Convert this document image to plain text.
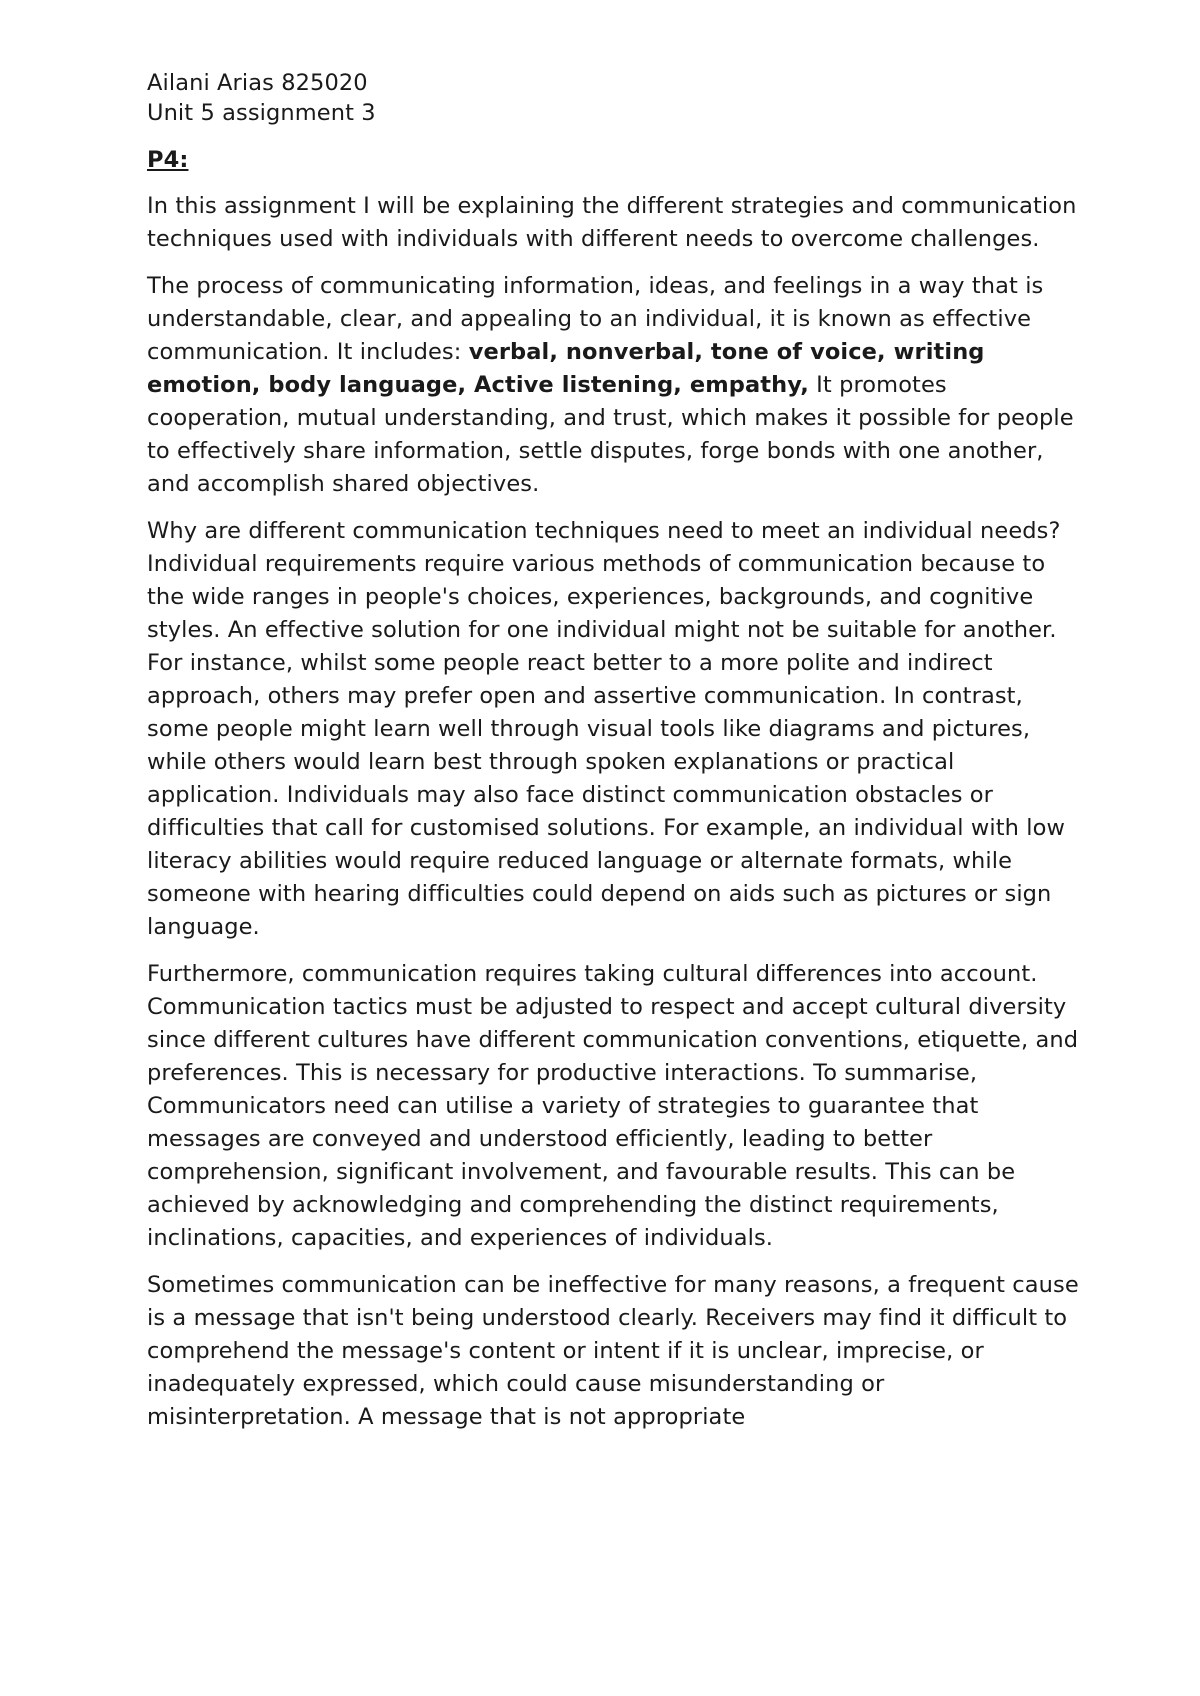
Ailani Arias 825020

Unit 5 assignment 3

P4:

In this assignment I will be explaining the different strategies and communication techniques used with individuals with different needs to overcome challenges.

The process of communicating information, ideas, and feelings in a way that is understandable, clear, and appealing to an individual, it is known as effective communication. It includes: verbal, nonverbal, tone of voice, writing emotion, body language, Active listening, empathy, It promotes cooperation, mutual understanding, and trust, which makes it possible for people to effectively share information, settle disputes, forge bonds with one another, and accomplish shared objectives.

Why are different communication techniques need to meet an individual needs? Individual requirements require various methods of communication because to the wide ranges in people's choices, experiences, backgrounds, and cognitive styles. An effective solution for one individual might not be suitable for another. For instance, whilst some people react better to a more polite and indirect approach, others may prefer open and assertive communication. In contrast, some people might learn well through visual tools like diagrams and pictures, while others would learn best through spoken explanations or practical application. Individuals may also face distinct communication obstacles or difficulties that call for customised solutions. For example, an individual with low literacy abilities would require reduced language or alternate formats, while someone with hearing difficulties could depend on aids such as pictures or sign language.

Furthermore, communication requires taking cultural differences into account. Communication tactics must be adjusted to respect and accept cultural diversity since different cultures have different communication conventions, etiquette, and preferences. This is necessary for productive interactions. To summarise, Communicators need can utilise a variety of strategies to guarantee that messages are conveyed and understood efficiently, leading to better comprehension, significant involvement, and favourable results. This can be achieved by acknowledging and comprehending the distinct requirements, inclinations, capacities, and experiences of individuals.

Sometimes communication can be ineffective for many reasons, a frequent cause is a message that isn't being understood clearly. Receivers may find it difficult to comprehend the message's content or intent if it is unclear, imprecise, or inadequately expressed, which could cause misunderstanding or misinterpretation. A message that is not appropriate
